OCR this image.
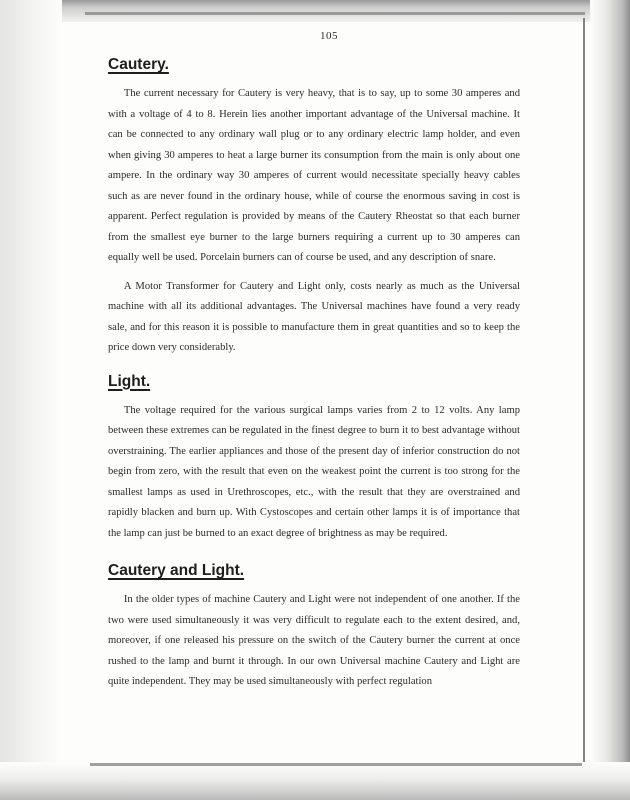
105
Cautery.

The current necessary for Cautery is very heavy, that is to say, up to some 30 amperes and with a voltage of 4 to 8. Herein lies another important advantage of the Universal machine. It can be connected to any ordinary wall plug or to any ordinary electric lamp holder, and even when giving 30 amperes to heat a large burner its consumption from the main is only about one ampere. In the ordinary way 30 amperes of current would necessitate specially heavy cables such as are never found in the ordinary house, while of course the enormous saving in cost is apparent. Perfect regulation is provided by means of the Cautery Rheostat so that each burner from the smallest eye burner to the large burners requiring a current up to 30 amperes can equally well be used. Porcelain burners can of course be used, and any description of snare.

A Motor Transformer for Cautery and Light only, costs nearly as much as the Universal machine with all its additional advantages. The Universal machines have found a very ready sale, and for this reason it is possible to manufacture them in great quantities and so to keep the price down very considerably.

Light.

The voltage required for the various surgical lamps varies from 2 to 12 volts. Any lamp between these extremes can be regulated in the finest degree to burn it to best advantage without overstraining. The earlier appliances and those of the present day of inferior construction do not begin from zero, with the result that even on the weakest point the current is too strong for the smallest lamps as used in Urethroscopes, etc., with the result that they are overstrained and rapidly blacken and burn up. With Cystoscopes and certain other lamps it is of importance that the lamp can just be burned to an exact degree of brightness as may be required.

Cautery and Light.

In the older types of machine Cautery and Light were not independent of one another. If the two were used simultaneously it was very difficult to regulate each to the extent desired, and, moreover, if one released his pressure on the switch of the Cautery burner the current at once rushed to the lamp and burnt it through. In our own Universal machine Cautery and Light are quite independent. They may be used simultaneously with perfect regulation
